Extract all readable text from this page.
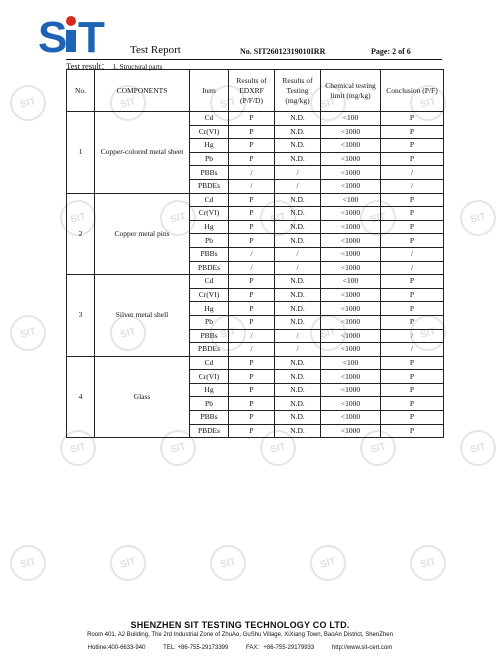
SIT	SIT	SIT	SIT	SIT
SIT	SIT	SIT	SIT	SIT
SIT	SIT	SIT	SIT	SIT
SIT	SIT	SIT	SIT	SIT
SIT	SIT	SIT	SIT	SIT
S T Test Report	No. SIT26012319010IRR	Page: 2 of 6
Test result： 1. Structural parts
No.	COMPONENTS	Item	Results of EDXRF (P/F/D)	Results of Testing (mg/kg)	Chemical testing limit (mg/kg)	Conclusion (P/F)
1	Copper-colored metal sheet	Cd	P	N.D.	<100	P
		Cr(VI)	P	N.D.	<1000	P
		Hg	P	N.D.	<1000	P
		Pb	P	N.D.	<1000	P
		PBBs	/	/	<1000	/
		PBDEs	/	/	<1000	/
2	Copper metal pins	Cd	P	N.D.	<100	P
		Cr(VI)	P	N.D.	<1000	P
		Hg	P	N.D.	<1000	P
		Pb	P	N.D.	<1000	P
		PBBs	/	/	<1000	/
		PBDEs	/	/	<1000	/
3	Silver metal shell	Cd	P	N.D.	<100	P
		Cr(VI)	P	N.D.	<1000	P
		Hg	P	N.D.	<1000	P
		Pb	P	N.D.	<1000	P
		PBBs	/	/	<1000	/
		PBDEs	/	/	<1000	/
4	Glass	Cd	P	N.D.	<100	P
		Cr(VI)	P	N.D.	<1000	P
		Hg	P	N.D.	<1000	P
		Pb	P	N.D.	<1000	P
		PBBs	P	N.D.	<1000	P
		PBDEs	P	N.D.	<1000	P
SHENZHEN SIT TESTING TECHNOLOGY CO LTD.
Room 401, A2 Building, The 2rd Industrial Zone of ZhuAo, GuShu Village, XiXiang Town, BaoAn District, ShenZhen
Hotline:400-6633-940	TEL: +86-755-29173399	FAX：+86-755-29179933	http://www.sit-cert.com
